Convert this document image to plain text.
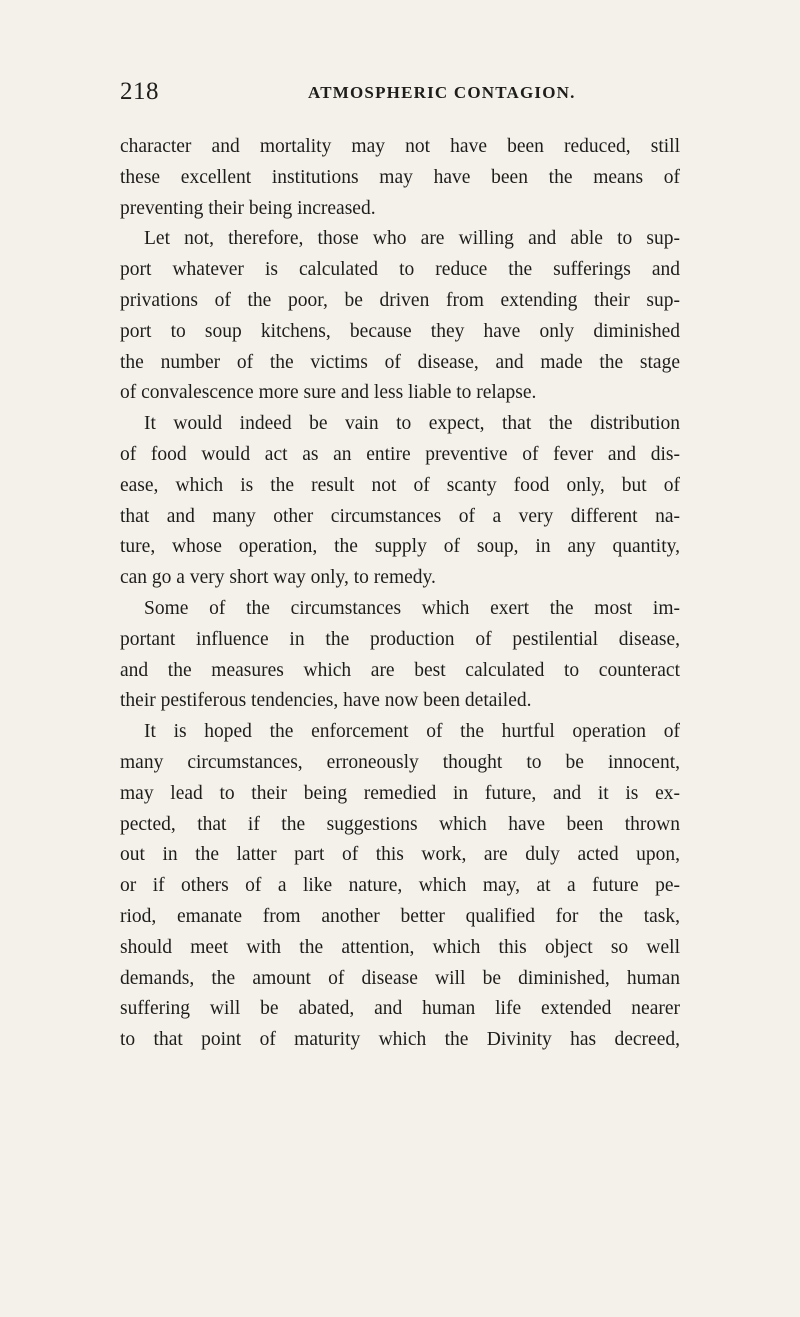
218	ATMOSPHERIC CONTAGION.
character and mortality may not have been reduced, still
these excellent institutions may have been the means of
preventing their being increased.
Let not, therefore, those who are willing and able to sup-
port whatever is calculated to reduce the sufferings and
privations of the poor, be driven from extending their sup-
port to soup kitchens, because they have only diminished
the number of the victims of disease, and made the stage
of convalescence more sure and less liable to relapse.
It would indeed be vain to expect, that the distribution
of food would act as an entire preventive of fever and dis-
ease, which is the result not of scanty food only, but of
that and many other circumstances of a very different na-
ture, whose operation, the supply of soup, in any quantity,
can go a very short way only, to remedy.
Some of the circumstances which exert the most im-
portant influence in the production of pestilential disease,
and the measures which are best calculated to counteract
their pestiferous tendencies, have now been detailed.
It is hoped the enforcement of the hurtful operation of
many circumstances, erroneously thought to be innocent,
may lead to their being remedied in future, and it is ex-
pected, that if the suggestions which have been thrown
out in the latter part of this work, are duly acted upon,
or if others of a like nature, which may, at a future pe-
riod, emanate from another better qualified for the task,
should meet with the attention, which this object so well
demands, the amount of disease will be diminished, human
suffering will be abated, and human life extended nearer
to that point of maturity which the Divinity has decreed,
